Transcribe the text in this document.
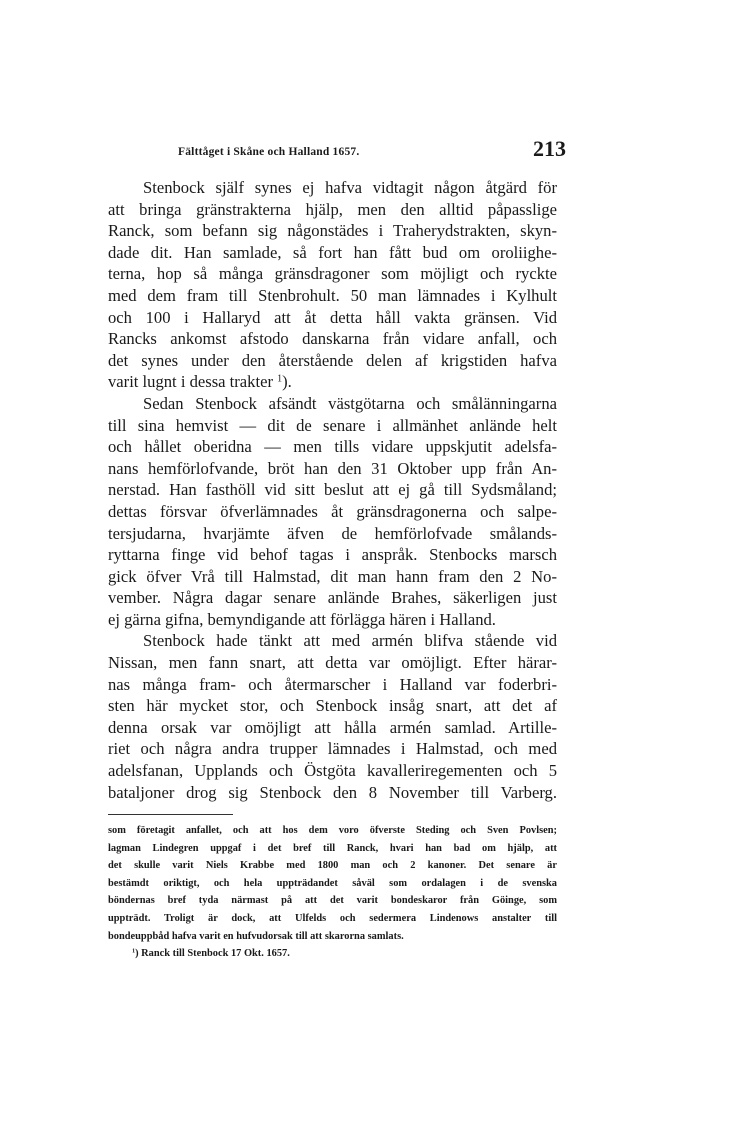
Fälttåget i Skåne och Halland 1657.	213
Stenbock själf synes ej hafva vidtagit någon åtgärd för
att bringa gränstrakterna hjälp, men den alltid påpasslige
Ranck, som befann sig någonstädes i Traherydstrakten, skyn-
dade dit. Han samlade, så fort han fått bud om oroliighe-
terna, hop så många gränsdragoner som möjligt och ryckte
med dem fram till Stenbrohult. 50 man lämnades i Kylhult
och 100 i Hallaryd att åt detta håll vakta gränsen. Vid
Rancks ankomst afstodo danskarna från vidare anfall, och
det synes under den återstående delen af krigstiden hafva
varit lugnt i dessa trakter $^1$).
Sedan Stenbock afsändt västgötarna och smålänningarna
till sina hemvist — dit de senare i allmänhet anlände helt
och hållet oberidna — men tills vidare uppskjutit adelsfa-
nans hemförlofvande, bröt han den 31 Oktober upp från An-
nerstad. Han fasthöll vid sitt beslut att ej gå till Sydsmåland;
dettas försvar öfverlämnades åt gränsdragonerna och salpe-
tersjudarna, hvarjämte äfven de hemförlofvade smålands-
ryttarna finge vid behof tagas i anspråk. Stenbocks marsch
gick öfver Vrå till Halmstad, dit man hann fram den 2 No-
vember. Några dagar senare anlände Brahes, säkerligen just
ej gärna gifna, bemyndigande att förlägga hären i Halland.
Stenbock hade tänkt att med armén blifva stående vid
Nissan, men fann snart, att detta var omöjligt. Efter härar-
nas många fram- och återmarscher i Halland var foderbri-
sten här mycket stor, och Stenbock insåg snart, att det af
denna orsak var omöjligt att hålla armén samlad. Artille-
riet och några andra trupper lämnades i Halmstad, och med
adelsfanan, Upplands och Östgöta kavalleriregementen och 5
bataljoner drog sig Stenbock den 8 November till Varberg.
som företagit anfallet, och att hos dem voro öfverste Steding och Sven Povlsen;
lagman Lindegren uppgaf i det bref till Ranck, hvari han bad om hjälp, att
det skulle varit Niels Krabbe med 1800 man och 2 kanoner. Det senare är
bestämdt oriktigt, och hela uppträdandet såväl som ordalagen i de svenska
böndernas bref tyda närmast på att det varit bondeskaror från Göinge, som
uppträdt. Troligt är dock, att Ulfelds och sedermera Lindenows anstalter till
bondeuppbåd hafva varit en hufvudorsak till att skarorna samlats.
$^1$) Ranck till Stenbock 17 Okt. 1657.
